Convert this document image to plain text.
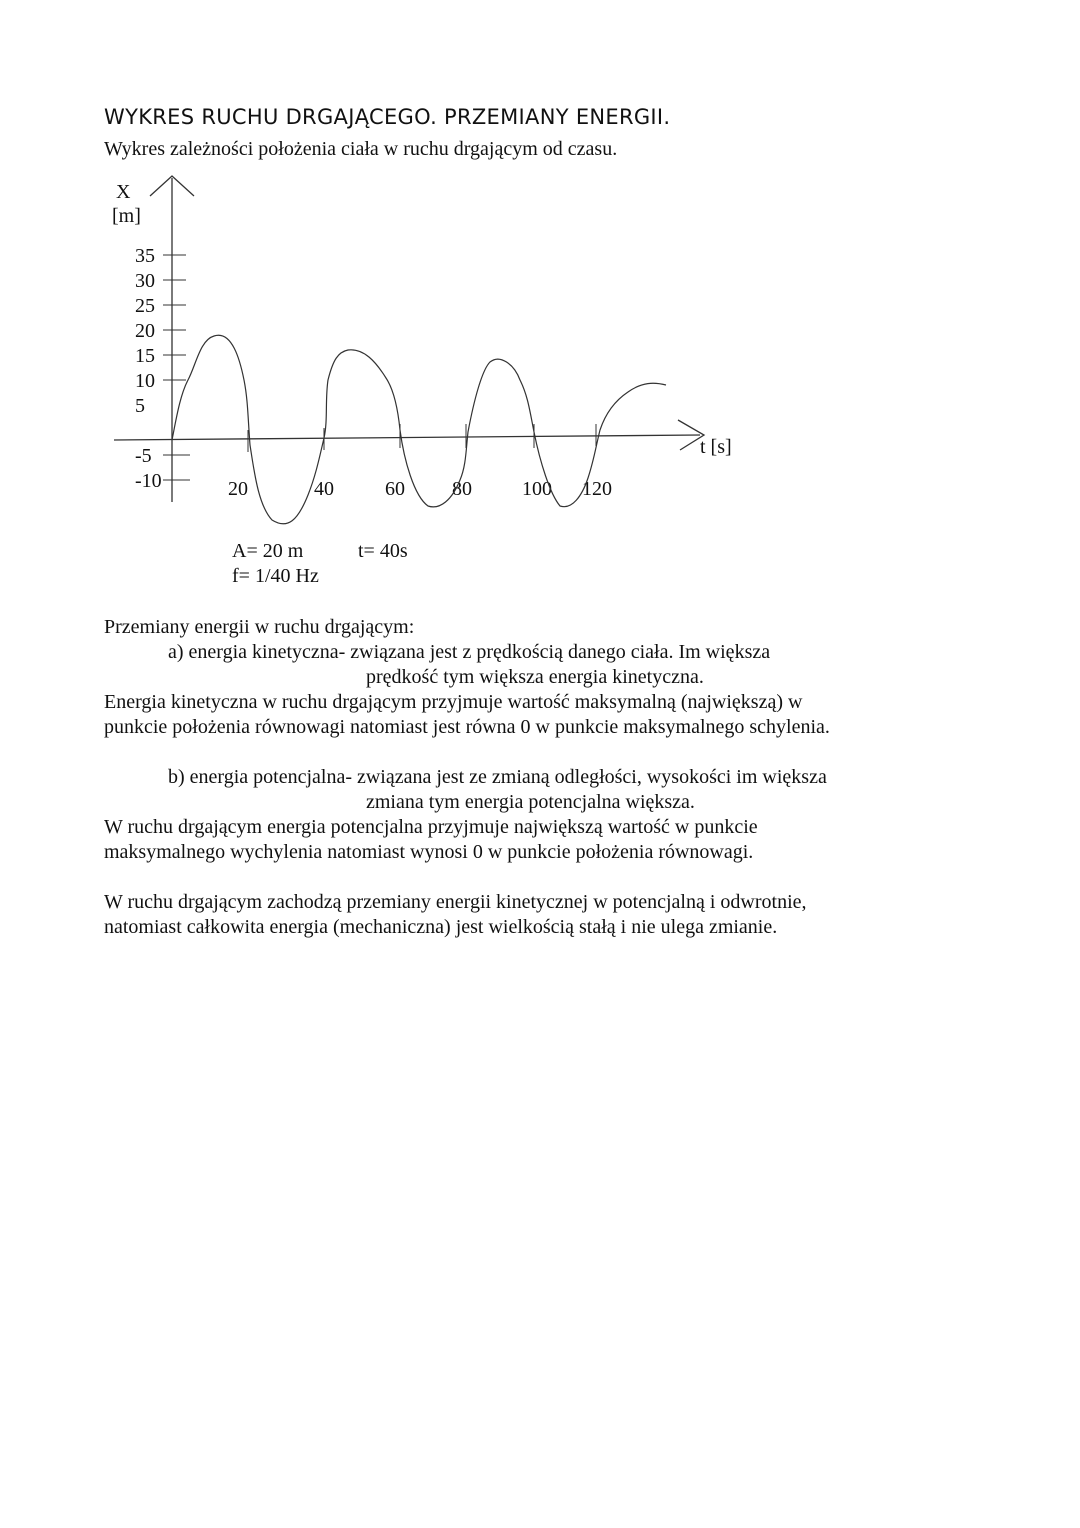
WYKRES RUCHU DRGAJĄCEGO. PRZEMIANY ENERGII.
Wykres zależności położenia ciała w ruchu drgającym od czasu.
X
[m]
t [s]
35
30
25
20
15
10
5
-5
-10	20	40	60 80	100 120
A= 20 m
f= 1/40 Hz
t= 40s
Przemiany energii w ruchu drgającym:
a) energia kinetyczna- związana jest z prędkością danego ciała. Im większa
prędkość tym większa energia kinetyczna.
Energia kinetyczna w ruchu drgającym przyjmuje wartość maksymalną (największą) w
punkcie położenia równowagi natomiast jest równa 0 w punkcie maksymalnego schylenia.
b) energia potencjalna- związana jest ze zmianą odległości, wysokości im większa
zmiana tym energia potencjalna większa.
W ruchu drgającym energia potencjalna przyjmuje największą wartość w punkcie
maksymalnego wychylenia natomiast wynosi 0 w punkcie położenia równowagi.
W ruchu drgającym zachodzą przemiany energii kinetycznej w potencjalną i odwrotnie,
natomiast całkowita energia (mechaniczna) jest wielkością stałą i nie ulega zmianie.
